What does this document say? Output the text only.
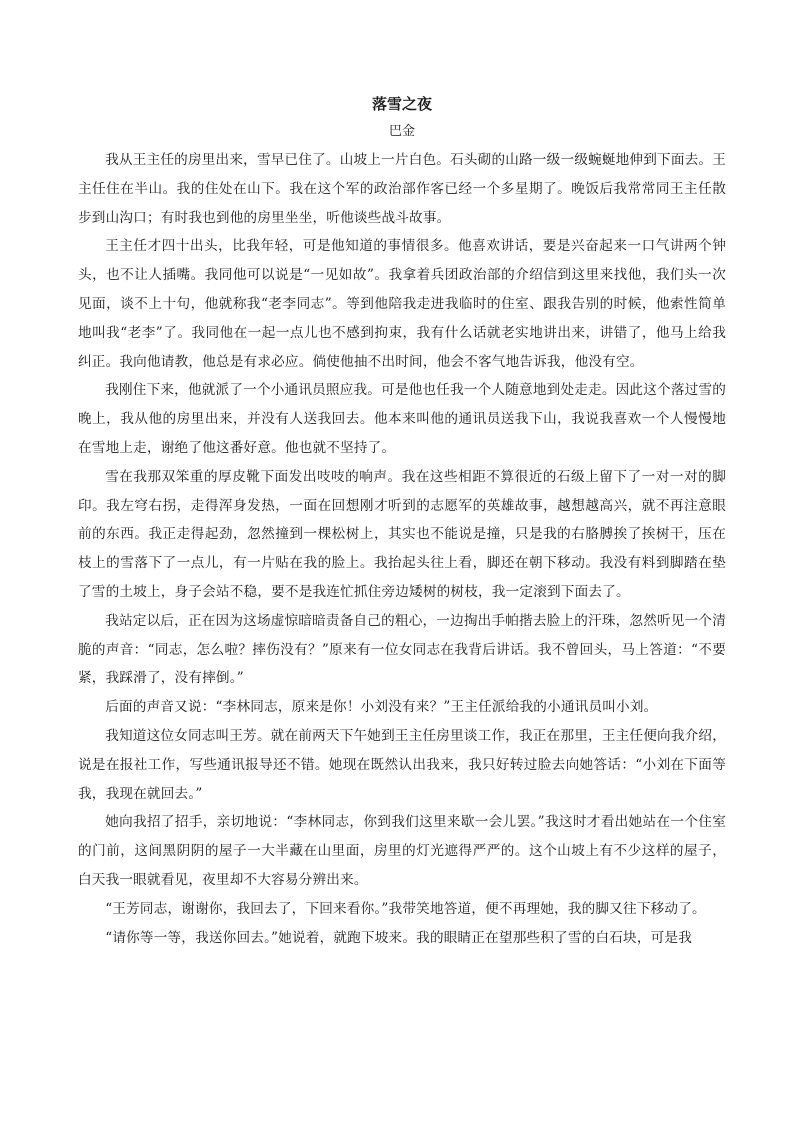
落雪之夜
巴金

我从王主任的房里出来，雪早已住了。山坡上一片白色。石头砌的山路一级一级蜿蜒地伸到下面去。王主任住在半山。我的住处在山下。我在这个军的政治部作客已经一个多星期了。晚饭后我常常同王主任散步到山沟口；有时我也到他的房里坐坐，听他谈些战斗故事。

王主任才四十出头，比我年轻，可是他知道的事情很多。他喜欢讲话，要是兴奋起来一口气讲两个钟头，也不让人插嘴。我同他可以说是“一见如故”。我拿着兵团政治部的介绍信到这里来找他，我们头一次见面，谈不上十句，他就称我“老李同志”。等到他陪我走进我临时的住室、跟我告别的时候，他索性简单地叫我“老李”了。我同他在一起一点儿也不感到拘束，我有什么话就老实地讲出来，讲错了，他马上给我纠正。我向他请教，他总是有求必应。倘使他抽不出时间，他会不客气地告诉我，他没有空。

我刚住下来，他就派了一个小通讯员照应我。可是他也任我一个人随意地到处走走。因此这个落过雪的晚上，我从他的房里出来，并没有人送我回去。他本来叫他的通讯员送我下山，我说我喜欢一个人慢慢地在雪地上走，谢绝了他这番好意。他也就不坚持了。

雪在我那双笨重的厚皮靴下面发出吱吱的响声。我在这些相距不算很近的石级上留下了一对一对的脚印。我左穹右拐，走得浑身发热，一面在回想刚才听到的志愿军的英雄故事，越想越高兴，就不再注意眼前的东西。我正走得起劲，忽然撞到一棵松树上，其实也不能说是撞，只是我的右胳膊挨了挨树干，压在枝上的雪落下了一点儿，有一片贴在我的脸上。我抬起头往上看，脚还在朝下移动。我没有料到脚踏在垫了雪的土坡上，身子会站不稳，要不是我连忙抓住旁边矮树的树枝，我一定滚到下面去了。

我站定以后，正在因为这场虚惊暗暗责备自己的粗心，一边掏出手帕揩去脸上的汗珠，忽然听见一个清脆的声音：“同志，怎么啦？摔伤没有？”原来有一位女同志在我背后讲话。我不曾回头，马上答道：“不要紧，我踩滑了，没有摔倒。”

后面的声音又说：“李林同志，原来是你！小刘没有来？”王主任派给我的小通讯员叫小刘。

我知道这位女同志叫王芳。就在前两天下午她到王主任房里谈工作，我正在那里，王主任便向我介绍，说是在报社工作，写些通讯报导还不错。她现在既然认出我来，我只好转过脸去向她答话：“小刘在下面等我，我现在就回去。”

她向我招了招手，亲切地说：“李林同志，你到我们这里来歇一会儿罢。”我这时才看出她站在一个住室的门前，这间黑阴阴的屋子一大半藏在山里面，房里的灯光遮得严严的。这个山坡上有不少这样的屋子，白天我一眼就看见，夜里却不大容易分辨出来。

“王芳同志，谢谢你，我回去了，下回来看你。”我带笑地答道，便不再理她，我的脚又往下移动了。

“请你等一等，我送你回去。”她说着，就跑下坡来。我的眼睛正在望那些积了雪的白石块，可是我
